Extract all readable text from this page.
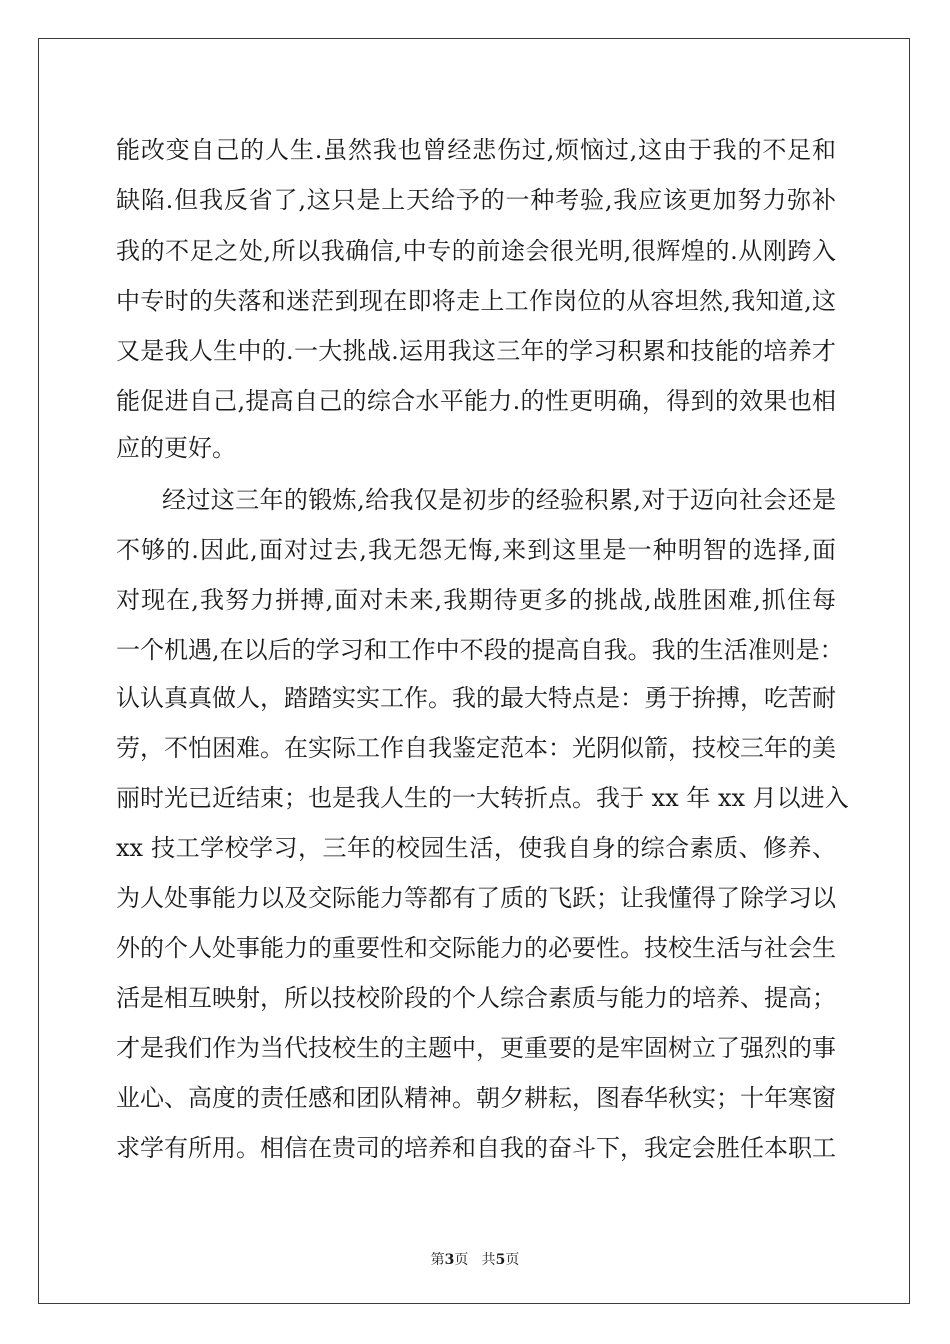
能改变自己的人生.虽然我也曾经悲伤过,烦恼过,这由于我的不足和
缺陷.但我反省了,这只是上天给予的一种考验,我应该更加努力弥补
我的不足之处,所以我确信,中专的前途会很光明,很辉煌的.从刚跨入
中专时的失落和迷茫到现在即将走上工作岗位的从容坦然,我知道,这
又是我人生中的.一大挑战.运用我这三年的学习积累和技能的培养才
能促进自己,提高自己的综合水平能力.的性更明确，得到的效果也相
应的更好。
经过这三年的锻炼,给我仅是初步的经验积累,对于迈向社会还是
不够的.因此,面对过去,我无怨无悔,来到这里是一种明智的选择,面
对现在,我努力拼搏,面对未来,我期待更多的挑战,战胜困难,抓住每
一个机遇,在以后的学习和工作中不段的提高自我。我的生活准则是：
认认真真做人，踏踏实实工作。我的最大特点是：勇于拚搏，吃苦耐
劳，不怕困难。在实际工作自我鉴定范本：光阴似箭，技校三年的美
丽时光已近结束；也是我人生的一大转折点。我于 xx 年 xx 月以进入
xx 技工学校学习，三年的校园生活，使我自身的综合素质、修养、
为人处事能力以及交际能力等都有了质的飞跃；让我懂得了除学习以
外的个人处事能力的重要性和交际能力的必要性。技校生活与社会生
活是相互映射，所以技校阶段的个人综合素质与能力的培养、提高；
才是我们作为当代技校生的主题中，更重要的是牢固树立了强烈的事
业心、高度的责任感和团队精神。朝夕耕耘，图春华秋实；十年寒窗
求学有所用。相信在贵司的培养和自我的奋斗下，我定会胜任本职工
第3页 共5页
